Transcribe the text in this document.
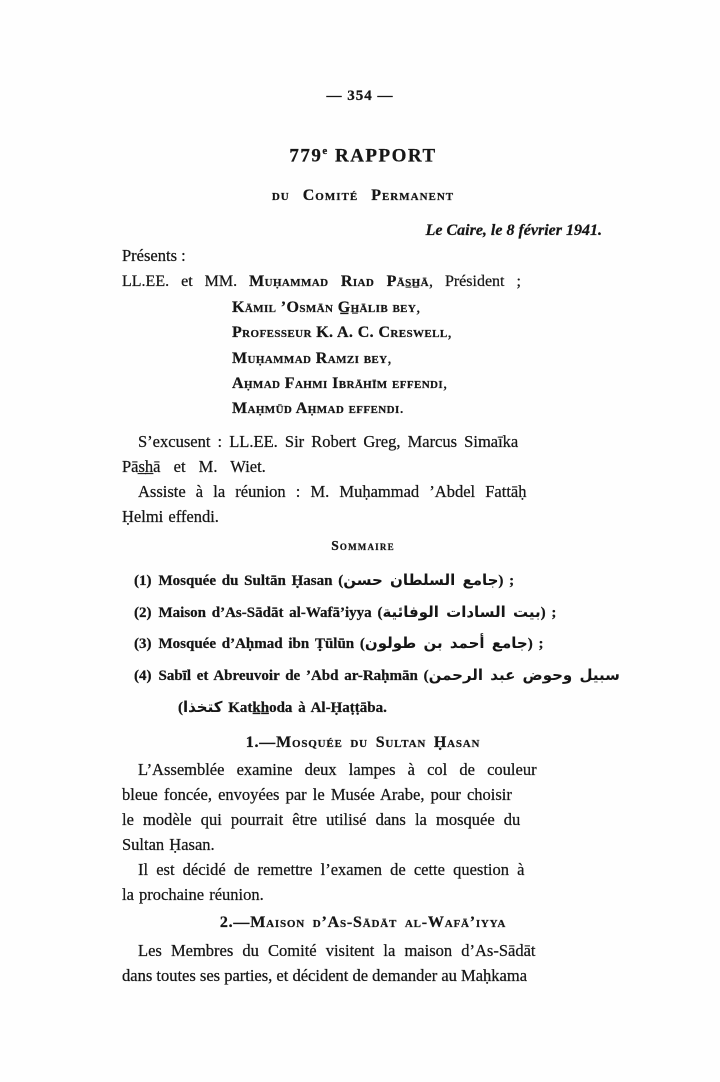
— 354 —
779e RAPPORT
du Comité Permanent
Le Caire, le 8 février 1941.
Présents :
LL.EE. et MM. Muḥammad Riad Pās̲h̲ā, Président ;
Kāmil ’Osmān G̲h̲ālib bey,
Professeur K. A. C. Creswell,
Muḥammad Ramzi bey,
Aḥmad Fahmi Ibrāhīm effendi,
Maḥmūd Aḥmad effendi.
S’excusent : LL.EE. Sir Robert Greg, Marcus Simaīka
Pās̲h̲ā et M. Wiet.
Assiste à la réunion : M. Muḥammad ’Abdel Fattāḥ
Ḥelmi effendi.
Sommaire
(1) Mosquée du Sultān Ḥasan (جامع السلطان حسن) ;
(2) Maison d’As-Sādāt al-Wafā’iyya (بيت السادات الوفائية) ;
(3) Mosquée d’Aḥmad ibn Ṭūlūn (جامع أحمد بن طولون) ;
(4) Sabīl et Abreuvoir de ’Abd ar-Raḥmān (سبيل وحوض عبد الرحمن
(كتخذا Katk̲h̲oda à Al-Ḥaṭṭāba.
1.—Mosquée du Sultan Ḥasan
L’Assemblée examine deux lampes à col de couleur
bleue foncée, envoyées par le Musée Arabe, pour choisir
le modèle qui pourrait être utilisé dans la mosquée du
Sultan Ḥasan.
Il est décidé de remettre l’examen de cette question à
la prochaine réunion.
2.—Maison d’As-Sādāt al-Wafā’iyya
Les Membres du Comité visitent la maison d’As-Sādāt
dans toutes ses parties, et décident de demander au Maḥkama
